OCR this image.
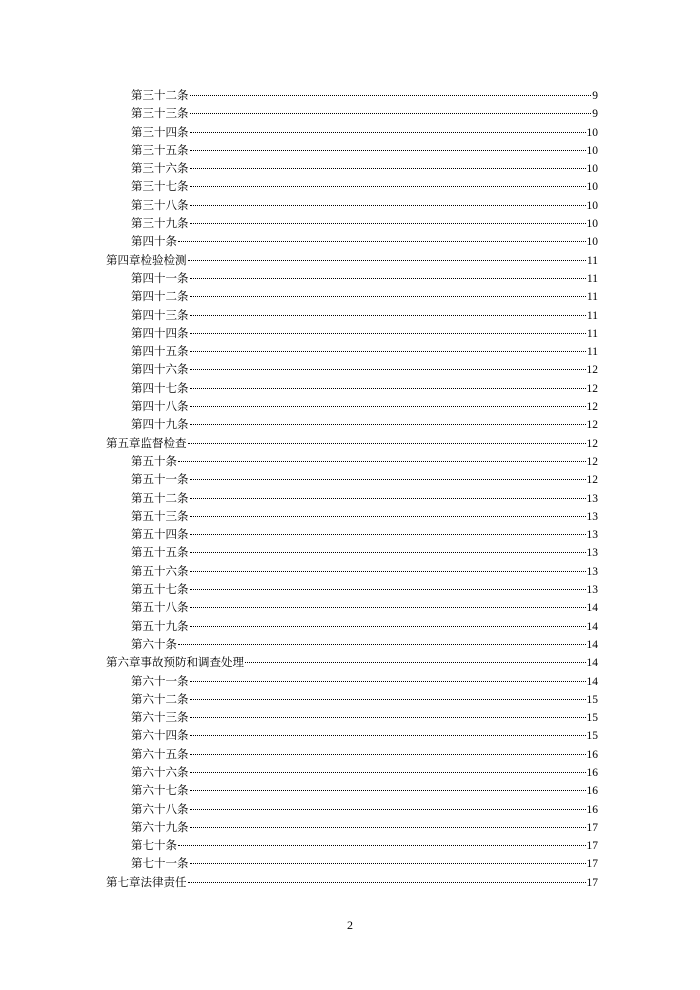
第三十二条	9
第三十三条	9
第三十四条	10
第三十五条	10
第三十六条	10
第三十七条	10
第三十八条	10
第三十九条	10
第四十条	10
第四章检验检测	11
第四十一条	11
第四十二条	11
第四十三条	11
第四十四条	11
第四十五条	11
第四十六条	12
第四十七条	12
第四十八条	12
第四十九条	12
第五章监督检查	12
第五十条	12
第五十一条	12
第五十二条	13
第五十三条	13
第五十四条	13
第五十五条	13
第五十六条	13
第五十七条	13
第五十八条	14
第五十九条	14
第六十条	14
第六章事故预防和调查处理	14
第六十一条	14
第六十二条	15
第六十三条	15
第六十四条	15
第六十五条	16
第六十六条	16
第六十七条	16
第六十八条	16
第六十九条	17
第七十条	17
第七十一条	17
第七章法律责任	17
2
